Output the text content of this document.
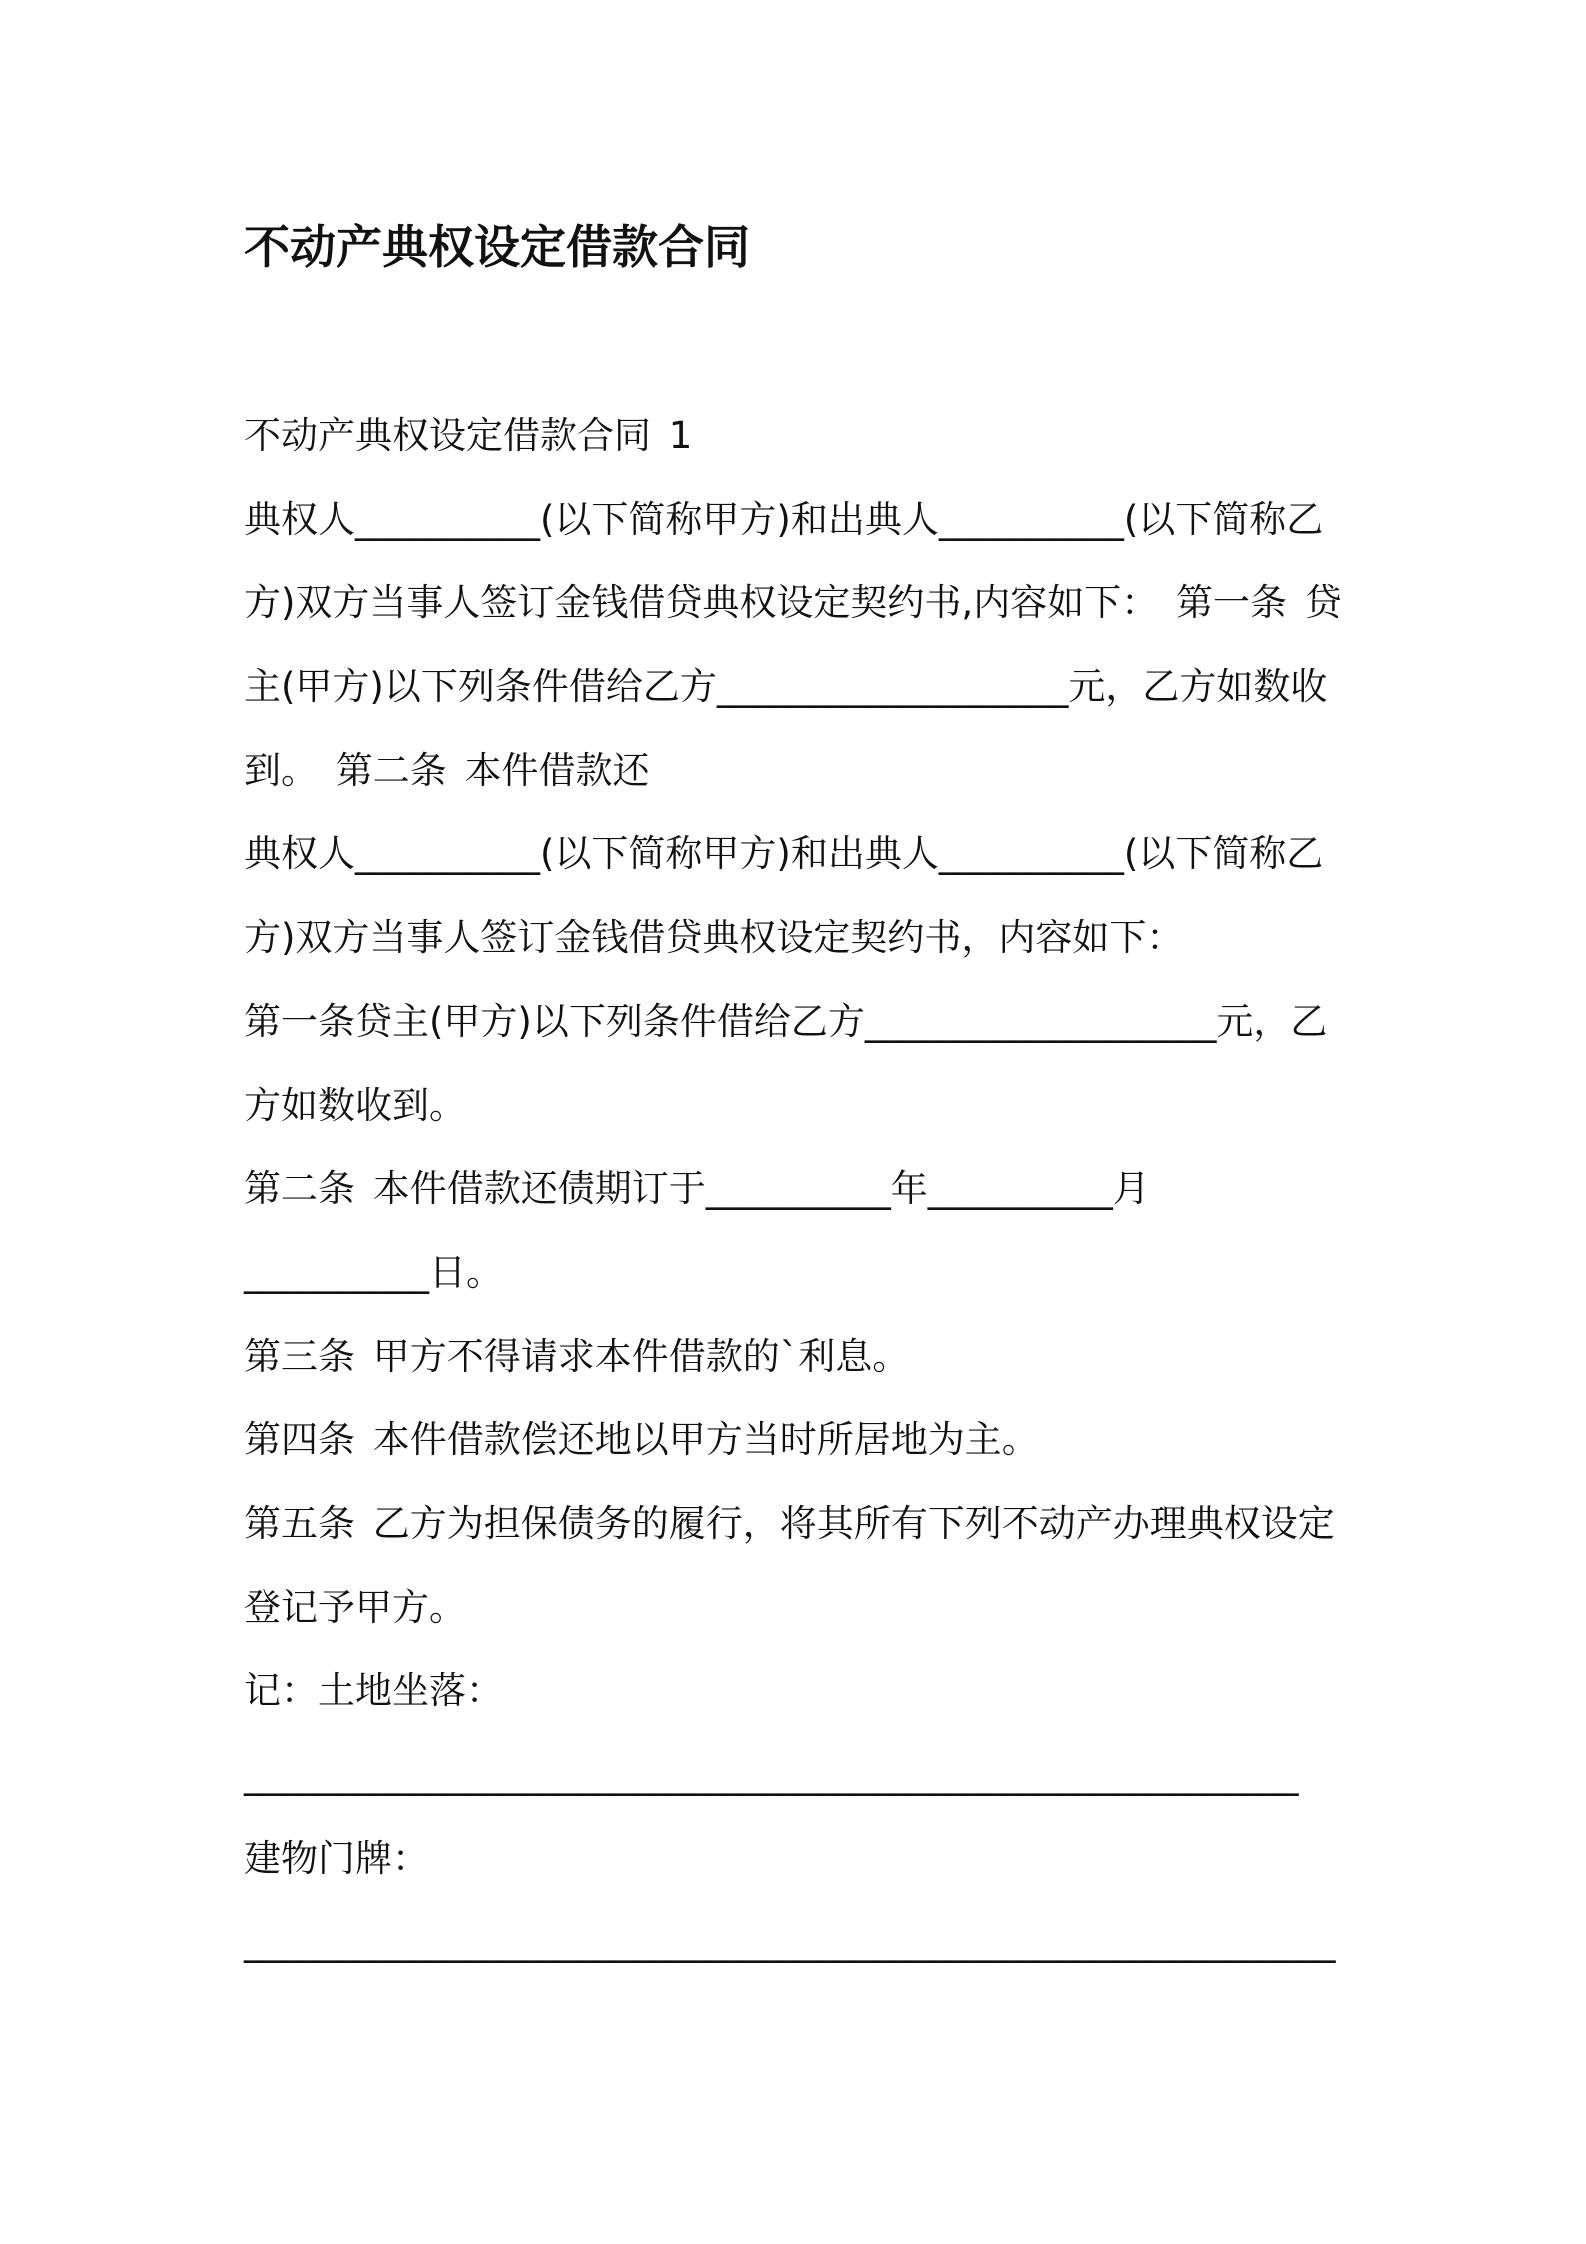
不动产典权设定借款合同
不动产典权设定借款合同 1
典权人__________(以下简称甲方)和出典人__________(以下简称乙
方)双方当事人签订金钱借贷典权设定契约书,内容如下： 第一条 贷
主(甲方)以下列条件借给乙方___________________元，乙方如数收
到。 第二条 本件借款还
典权人__________(以下简称甲方)和出典人__________(以下简称乙
方)双方当事人签订金钱借贷典权设定契约书，内容如下：
第一条贷主(甲方)以下列条件借给乙方___________________元，乙
方如数收到。
第二条 本件借款还债期订于__________年__________月
__________日。
第三条 甲方不得请求本件借款的`利息。
第四条 本件借款偿还地以甲方当时所居地为主。
第五条 乙方为担保债务的履行，将其所有下列不动产办理典权设定
登记予甲方。
记：土地坐落：
_________________________________________________________
建物门牌：
___________________________________________________________
